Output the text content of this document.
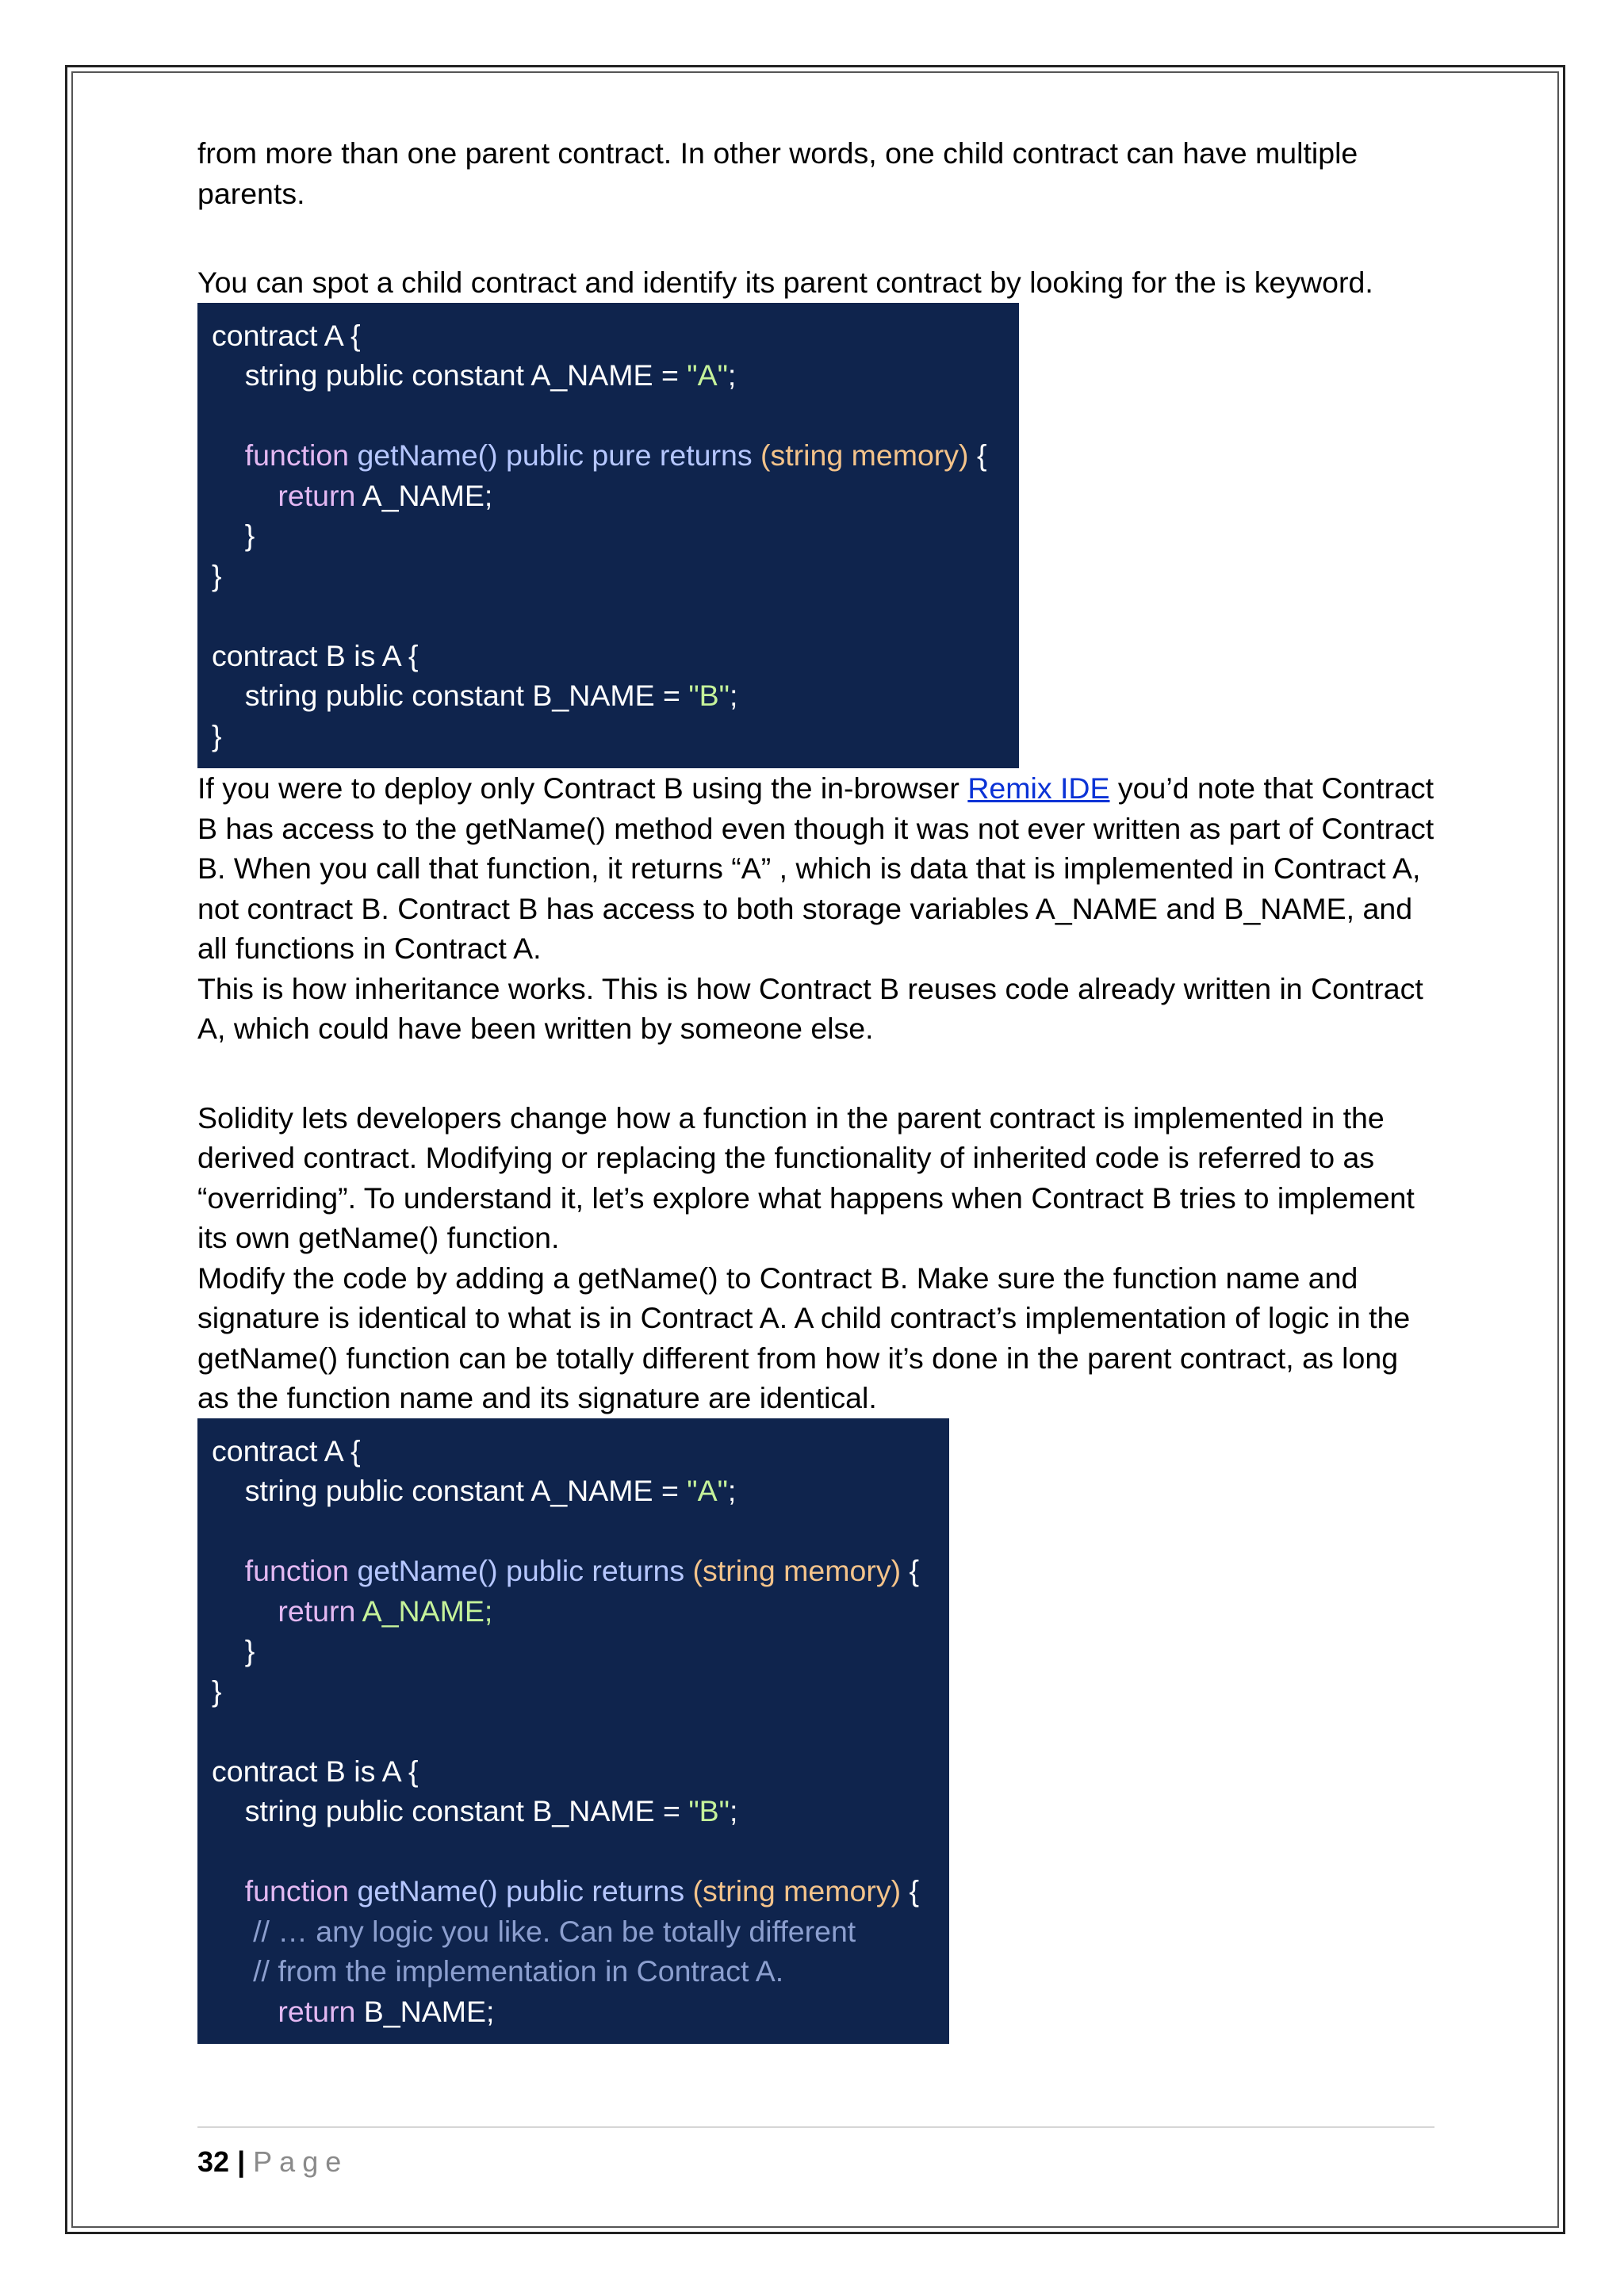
from more than one parent contract. In other words, one child contract can have multiple parents.

You can spot a child contract and identify its parent contract by looking for the is keyword.

contract A {
string public constant A_NAME = "A";
function getName() public pure returns (string memory) {
return A_NAME;
}
}
contract B is A {
string public constant B_NAME = "B";
}

If you were to deploy only Contract B using the in-browser Remix IDE you’d note that Contract B has access to the getName() method even though it was not ever written as part of Contract B. When you call that function, it returns “A” , which is data that is implemented in Contract A, not contract B. Contract B has access to both storage variables A_NAME and B_NAME, and all functions in Contract A.

This is how inheritance works. This is how Contract B reuses code already written in Contract A, which could have been written by someone else.

Solidity lets developers change how a function in the parent contract is implemented in the derived contract. Modifying or replacing the functionality of inherited code is referred to as “overriding”. To understand it, let’s explore what happens when Contract B tries to implement its own getName() function.

Modify the code by adding a getName() to Contract B. Make sure the function name and signature is identical to what is in Contract A. A child contract’s implementation of logic in the getName() function can be totally different from how it’s done in the parent contract, as long as the function name and its signature are identical.

contract A {
string public constant A_NAME = "A";
function getName() public returns (string memory) {
return A_NAME;
}
}
contract B is A {
string public constant B_NAME = "B";
function getName() public returns (string memory) {
// … any logic you like. Can be totally different
// from the implementation in Contract A.
return B_NAME;
32 | Page
